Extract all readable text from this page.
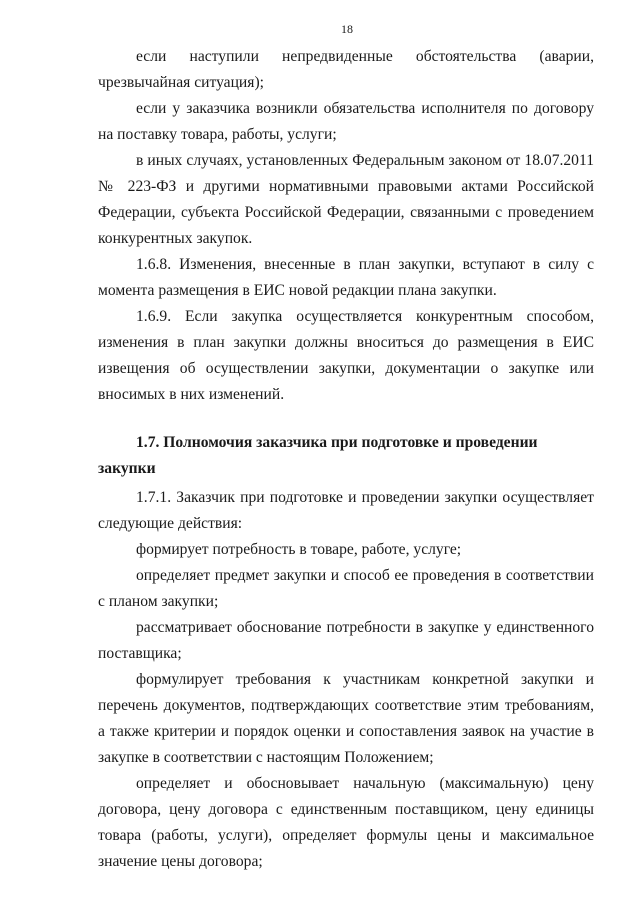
18

если наступили непредвиденные обстоятельства (аварии, чрезвычайная ситуация);

если у заказчика возникли обязательства исполнителя по договору на поставку товара, работы, услуги;

в иных случаях, установленных Федеральным законом от 18.07.2011 № 223-ФЗ и другими нормативными правовыми актами Российской Федерации, субъекта Российской Федерации, связанными с проведением конкурентных закупок.

1.6.8. Изменения, внесенные в план закупки, вступают в силу с момента размещения в ЕИС новой редакции плана закупки.

1.6.9. Если закупка осуществляется конкурентным способом, изменения в план закупки должны вноситься до размещения в ЕИС извещения об осуществлении закупки, документации о закупке или вносимых в них изменений.

1.7. Полномочия заказчика при подготовке и проведении закупки

1.7.1. Заказчик при подготовке и проведении закупки осуществляет следующие действия:

формирует потребность в товаре, работе, услуге;

определяет предмет закупки и способ ее проведения в соответствии с планом закупки;

рассматривает обоснование потребности в закупке у единственного поставщика;

формулирует требования к участникам конкретной закупки и перечень документов, подтверждающих соответствие этим требованиям, а также критерии и порядок оценки и сопоставления заявок на участие в закупке в соответствии с настоящим Положением;

определяет и обосновывает начальную (максимальную) цену договора, цену договора с единственным поставщиком, цену единицы товара (работы, услуги), определяет формулы цены и максимальное значение цены договора;
